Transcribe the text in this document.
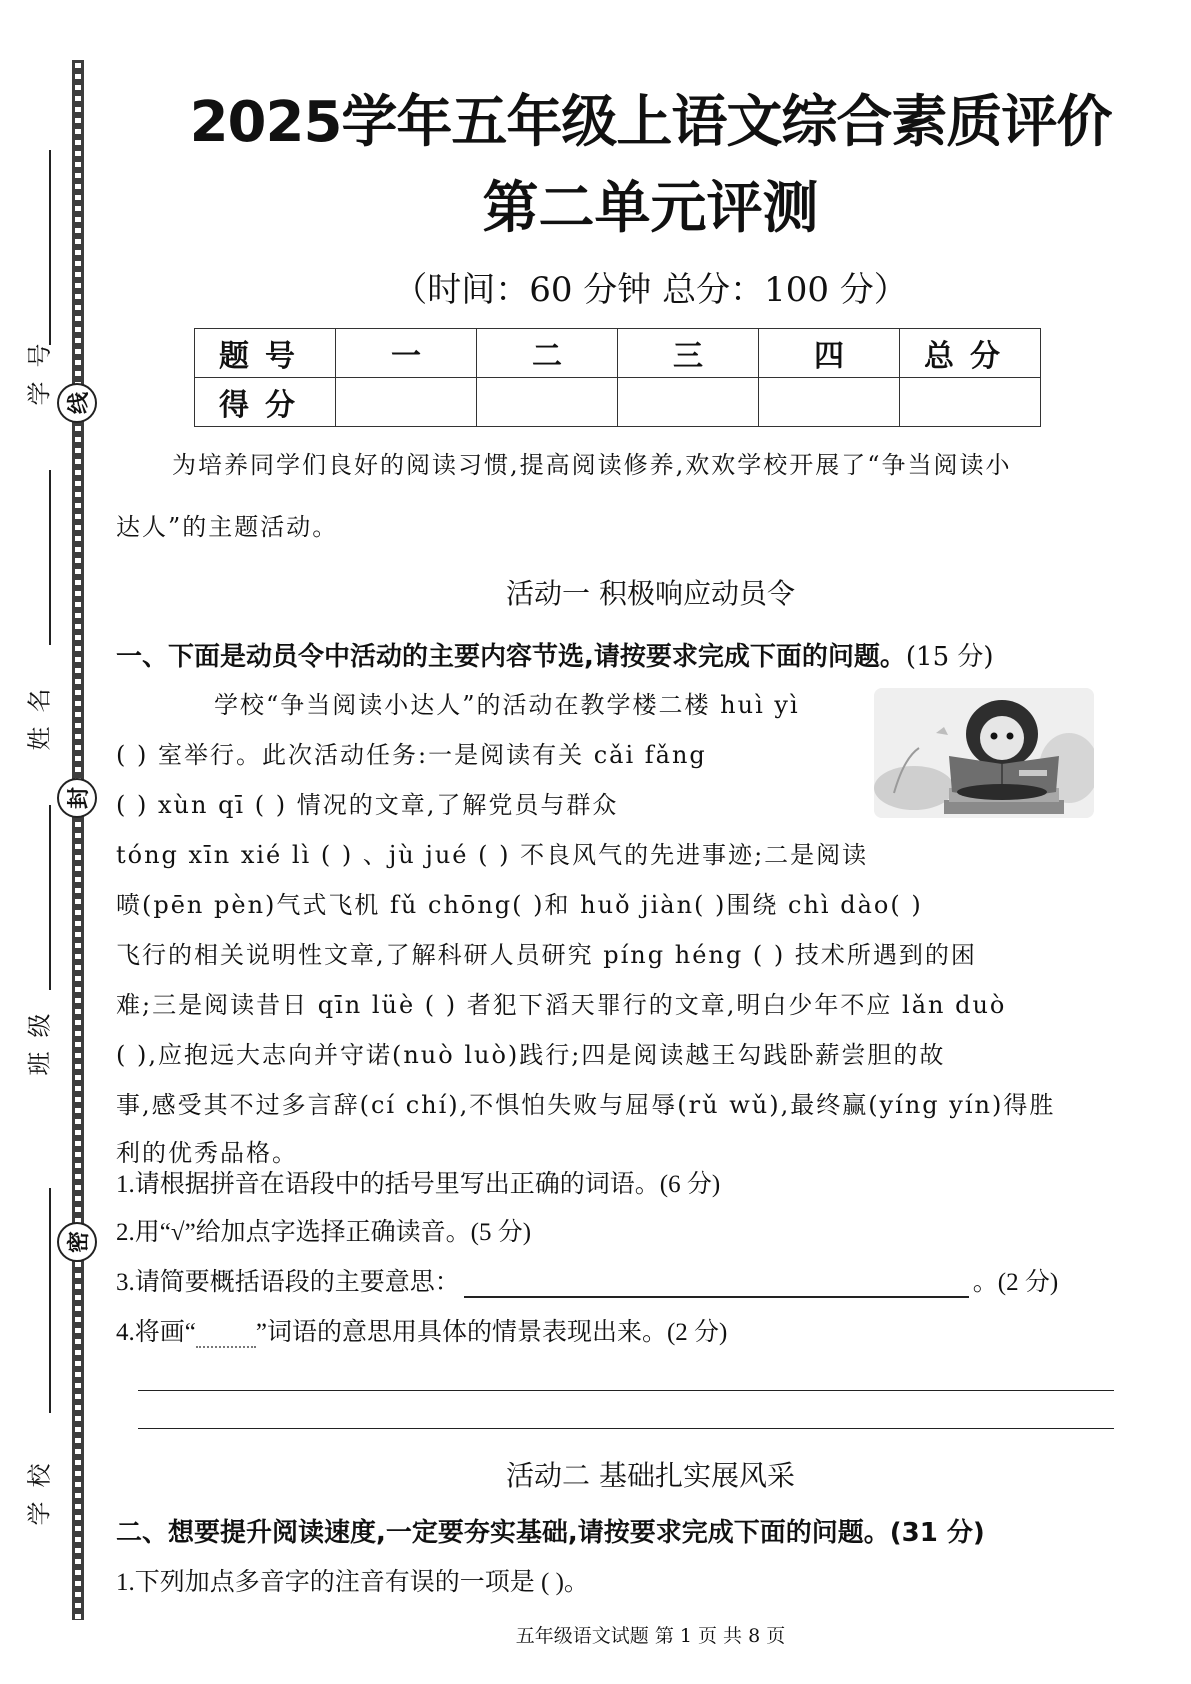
学号 线
姓名
封
班级
密
学校
2025学年五年级上语文综合素质评价
第二单元评测
（时间：60 分钟 总分：100 分）
题号	一	二	三	四	总分
得分					
为培养同学们良好的阅读习惯,提高阅读修养,欢欢学校开展了“争当阅读小
达人”的主题活动。
活动一 积极响应动员令
一、下面是动员令中活动的主要内容节选,请按要求完成下面的问题。(15 分)
学校“争当阅读小达人”的活动在教学楼二楼 huì yì
( ) 室举行。此次活动任务:一是阅读有关 cǎi fǎng
( ) xùn qī ( ) 情况的文章,了解党员与群众
tóng xīn xié lì ( ) 、jù jué ( ) 不良风气的先进事迹;二是阅读
喷(pēn pèn)气式飞机 fǔ chōng( )和 huǒ jiàn( )围绕 chì dào( )
飞行的相关说明性文章,了解科研人员研究 píng héng ( ) 技术所遇到的困
难;三是阅读昔日 qīn lüè ( ) 者犯下滔天罪行的文章,明白少年不应 lǎn duò
( ),应抱远大志向并守诺(nuò luò)践行;四是阅读越王勾践卧薪尝胆的故
事,感受其不过多言辞(cí chí),不惧怕失败与屈辱(rǔ wǔ),最终赢(yíng yín)得胜
利的优秀品格。
1.请根据拼音在语段中的括号里写出正确的词语。(6 分)
2.用“√”给加点字选择正确读音。(5 分)
3.请简要概括语段的主要意思：	。(2 分)
4.将画“ ”词语的意思用具体的情景表现出来。(2 分)
活动二 基础扎实展风采
二、想要提升阅读速度,一定要夯实基础,请按要求完成下面的问题。(31 分)
1.下列加点多音字的注音有误的一项是 ( )。
五年级语文试题 第 1 页 共 8 页
